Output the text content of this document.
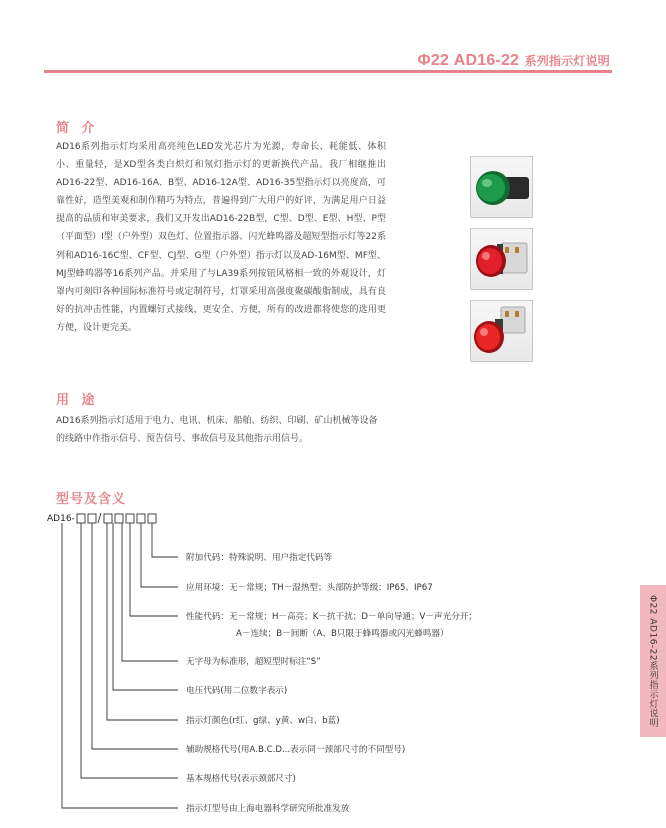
Φ22 AD16-22 系列指示灯说明
简 介

AD16系列指示灯均采用高亮纯色LED发光芯片为光源，寿命长、耗能低、体积小、重量轻，是XD型各类白炽灯和氖灯指示灯的更新换代产品。我厂相继推出AD16-22型、AD16-16A、B型、AD16-12A型、AD16-35型指示灯以亮度高，可靠性好，造型美观和制作精巧为特点，普遍得到广大用户的好评，为满足用户日益提高的品质和审美要求，我们又开发出AD16-22B型，C型、D型、E型、H型、P型（平面型）I型（户外型）双色灯、位置指示器、闪光蜂鸣器及超短型指示灯等22系列和AD16-16C型、CF型、CJ型、G型（户外型）指示灯以及AD-16M型、MF型、MJ型蜂鸣器等16系列产品。并采用了与LA39系列按钮风格相一致的外观设计，灯罩内可刻印各种国际标准符号或定制符号，灯罩采用高强度聚碳酸脂制成，具有良好的抗冲击性能，内置螺钉式接线，更安全、方便，所有的改进都将使您的选用更方便，设计更完美。

用 途

AD16系列指示灯适用于电力、电讯、机床、船舶、纺织、印刷、矿山机械等设备的线路中作指示信号、预告信号、事故信号及其他指示用信号。

型号及含义
AD16-
附加代码：特殊说明、用户指定代码等
应用环境：无－常规；TH－湿热型；头部防护等级：IP65、IP67
性能代码：无－常规；H－高亮；K－抗干扰；D－单向导通；V－声光分开；
A－连续；B－间断（A、B只限于蜂鸣器或闪光蜂鸣器）
无字母为标准形，超短型时标注“S”
电压代码(用二位数字表示)
指示灯颜色(r红、g绿、y黄、w白、b蓝)
辅助规格代号(用A.B.C.D...表示同一颈部尺寸的不同型号)
基本规格代号(表示颈部尺寸)
指示灯型号由上海电器科学研究所批准发放
Φ22 AD16-22系列指示灯说明
